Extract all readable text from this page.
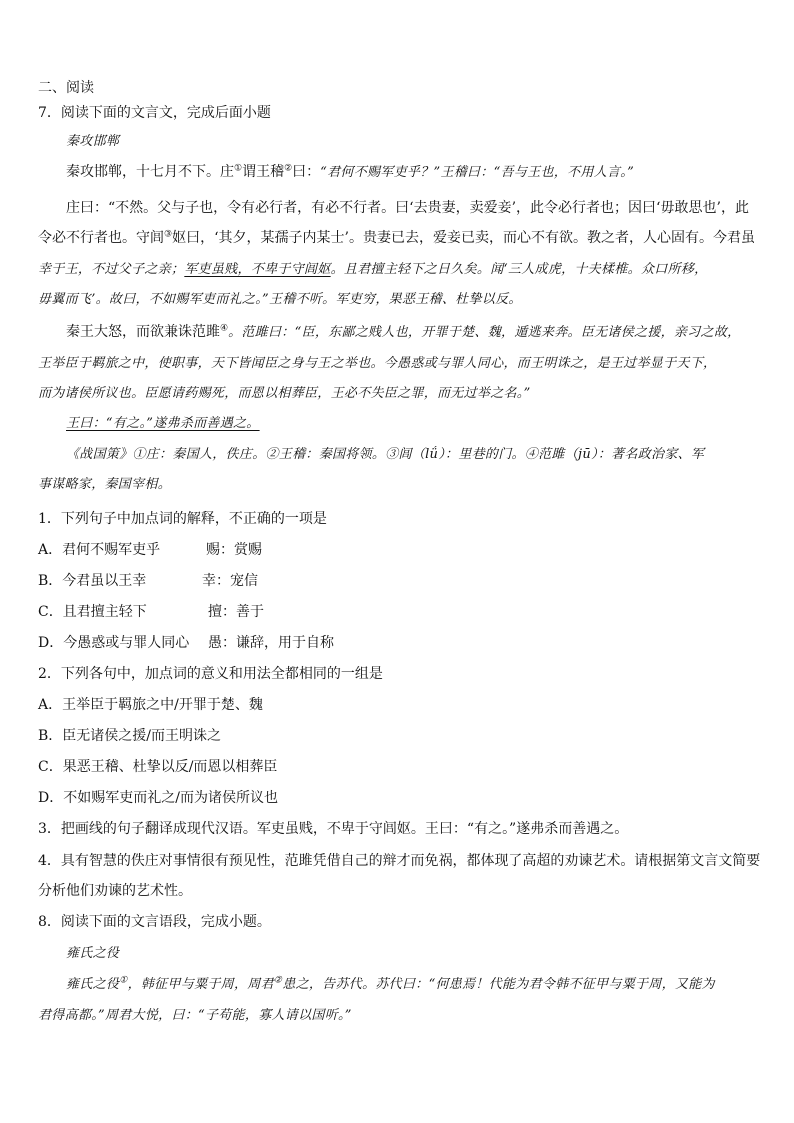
二、阅读
7．阅读下面的文言文，完成后面小题
秦攻邯郸
秦攻邯郸，十七月不下。庄①谓王稽②曰：“君何不赐军吏乎？”王稽曰：“吾与王也，不用人言。”
庄曰：“不然。父与子也，令有必行者，有必不行者。曰‘去贵妻，卖爱妾’，此令必行者也；因曰‘毋敢思也’，此
令必不行者也。守闾③妪曰，‘其夕，某孺子内某士’。贵妻已去，爱妾已卖，而心不有欲。教之者，人心固有。今君虽
幸于王，不过父子之亲；军吏虽贱，不卑于守闾妪。且君擅主轻下之日久矣。闻‘三人成虎，十夫楺椎。众口所移，
毋翼而飞’。故曰，不如赐军吏而礼之。”王稽不听。军吏穷，果恶王稽、杜挚以反。
秦王大怒，而欲兼诛范雎④。范雎曰：“臣，东鄙之贱人也，开罪于楚、魏，遁逃来奔。臣无诸侯之援，亲习之故，
王举臣于羁旅之中，使职事，天下皆闻臣之身与王之举也。今愚惑或与罪人同心，而王明诛之，是王过举显于天下，
而为诸侯所议也。臣愿请药赐死，而恩以相葬臣，王必不失臣之罪，而无过举之名。”
王曰：“有之。”遂弗杀而善遇之。
《战国策》①庄：秦国人，佚庄。②王稽：秦国将领。③闾（lǘ）：里巷的门。④范雎（jū）：著名政治家、军
事谋略家，秦国宰相。
1．下列句子中加点词的解释，不正确的一项是
A．君何不赐军吏乎	赐：赏赐
B．今君虽以王幸	幸：宠信
C．且君擅主轻下	擅：善于
D．今愚惑或与罪人同心 愚：谦辞，用于自称
2．下列各句中，加点词的意义和用法全都相同的一组是
A．王举臣于羁旅之中/开罪于楚、魏
B．臣无诸侯之援/而王明诛之
C．果恶王稽、杜挚以反/而恩以相葬臣
D．不如赐军吏而礼之/而为诸侯所议也
3．把画线的句子翻译成现代汉语。军吏虽贱，不卑于守闾妪。王曰：“有之。”遂弗杀而善遇之。
4．具有智慧的佚庄对事情很有预见性，范雎凭借自己的辩才而免祸，都体现了高超的劝谏艺术。请根据第文言文简要
分析他们劝谏的艺术性。
8．阅读下面的文言语段，完成小题。
雍氏之役
雍氏之役①，韩征甲与粟于周，周君②患之，告苏代。苏代曰：“何患焉！代能为君令韩不征甲与粟于周，又能为
君得高都。”周君大悦，曰：“子苟能，寡人请以国听。”
